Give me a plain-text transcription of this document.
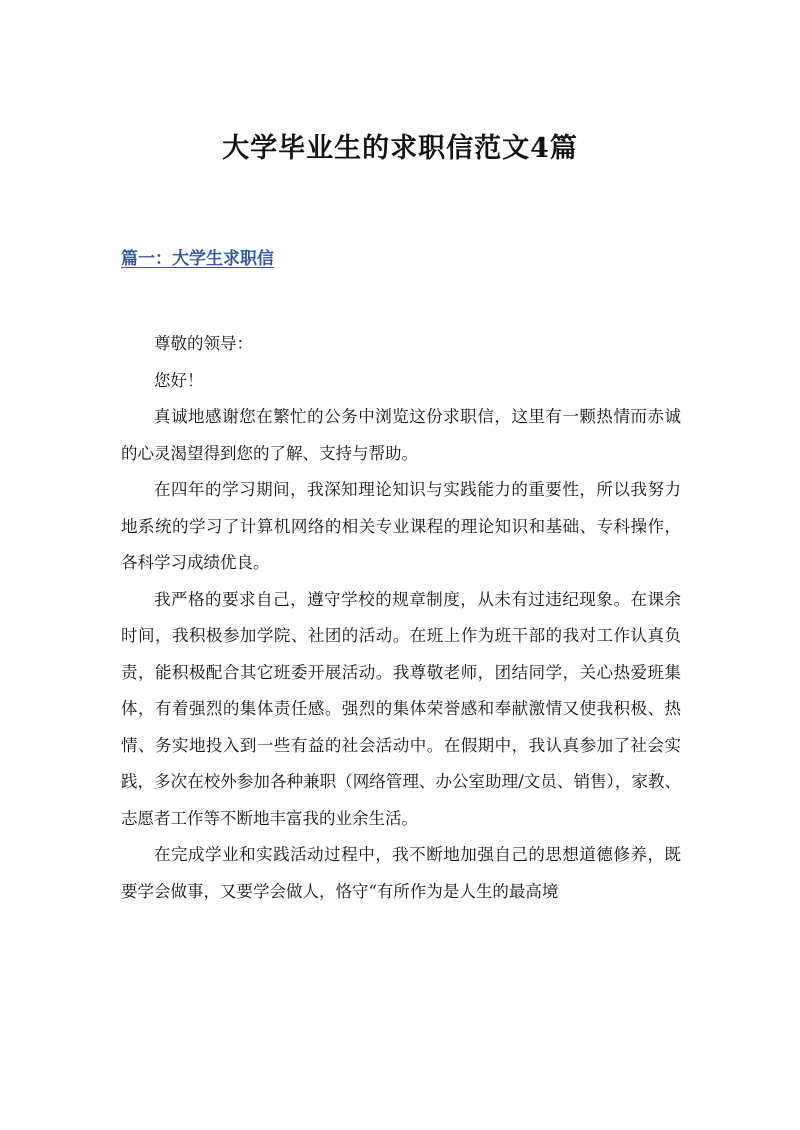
大学毕业生的求职信范文4篇
篇一：大学生求职信

尊敬的领导：

您好！

真诚地感谢您在繁忙的公务中浏览这份求职信，这里有一颗热情而赤诚的心灵渴望得到您的了解、支持与帮助。

在四年的学习期间，我深知理论知识与实践能力的重要性，所以我努力地系统的学习了计算机网络的相关专业课程的理论知识和基础、专科操作，各科学习成绩优良。

我严格的要求自己，遵守学校的规章制度，从未有过违纪现象。在课余时间，我积极参加学院、社团的活动。在班上作为班干部的我对工作认真负责，能积极配合其它班委开展活动。我尊敬老师，团结同学，关心热爱班集体，有着强烈的集体责任感。强烈的集体荣誉感和奉献激情又使我积极、热情、务实地投入到一些有益的社会活动中。在假期中，我认真参加了社会实践，多次在校外参加各种兼职（网络管理、办公室助理/文员、销售），家教、志愿者工作等不断地丰富我的业余生活。

在完成学业和实践活动过程中，我不断地加强自己的思想道德修养，既要学会做事，又要学会做人，恪守“有所作为是人生的最高境
